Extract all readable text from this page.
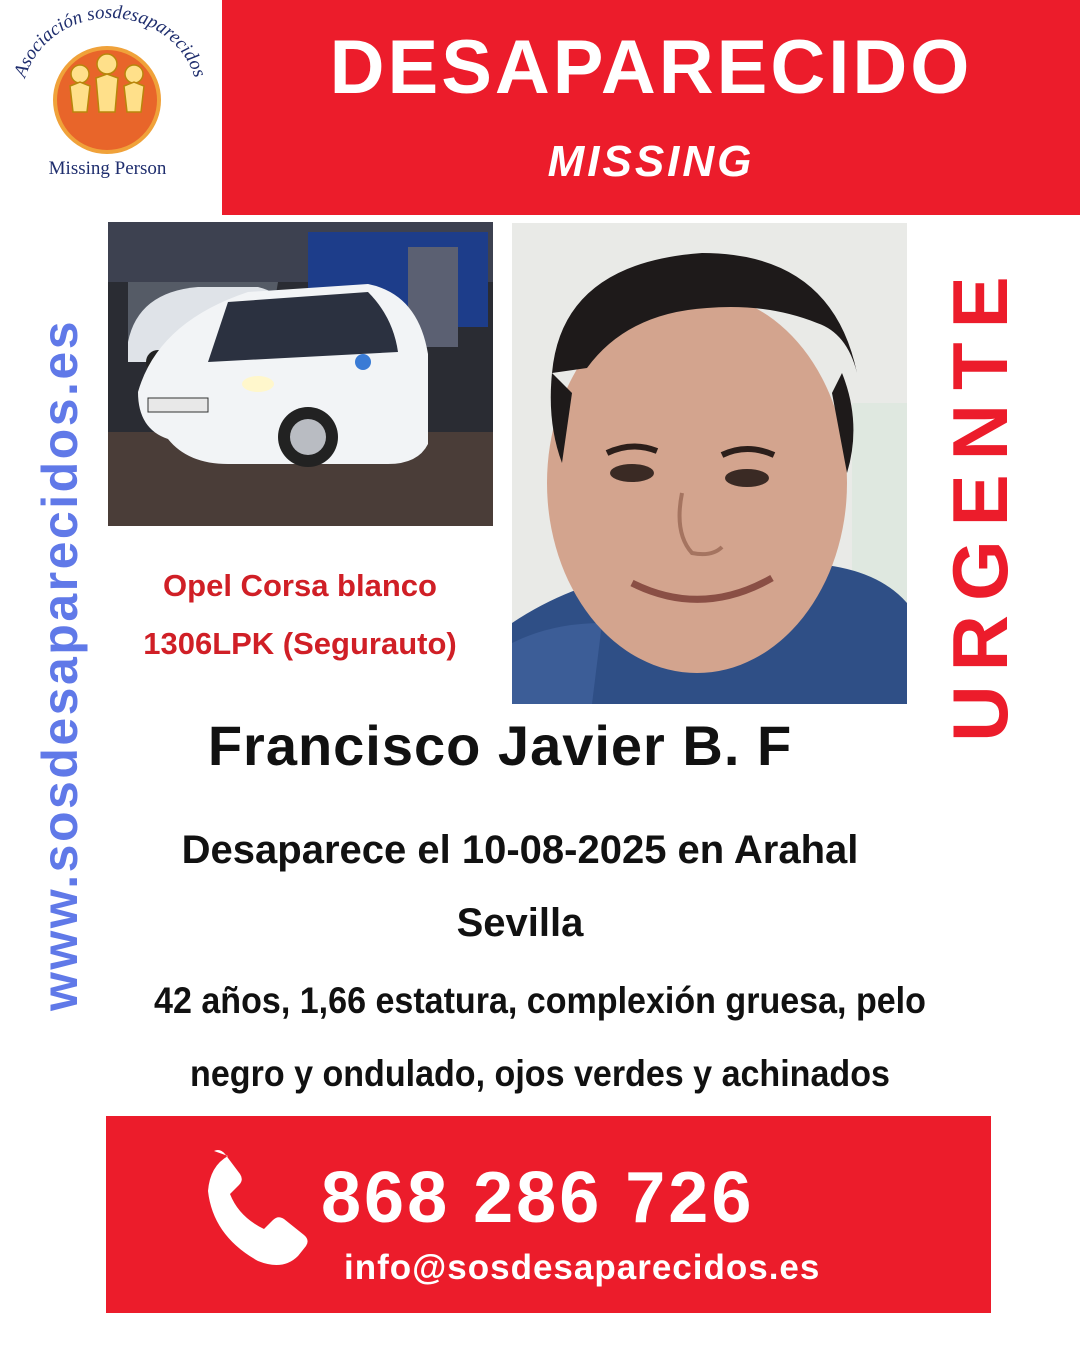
Asociación sosdesaparecidos
Missing Person
DESAPARECIDO
MISSING
www.sosdesaparecidos.es	URGENTE
Opel Corsa blanco
1306LPK (Segurauto)
Francisco Javier B. F
Desaparece el 10-08-2025 en Arahal
Sevilla
42 años, 1,66 estatura, complexión gruesa, pelo
negro y ondulado, ojos verdes y achinados
868 286 726
info@sosdesaparecidos.es
